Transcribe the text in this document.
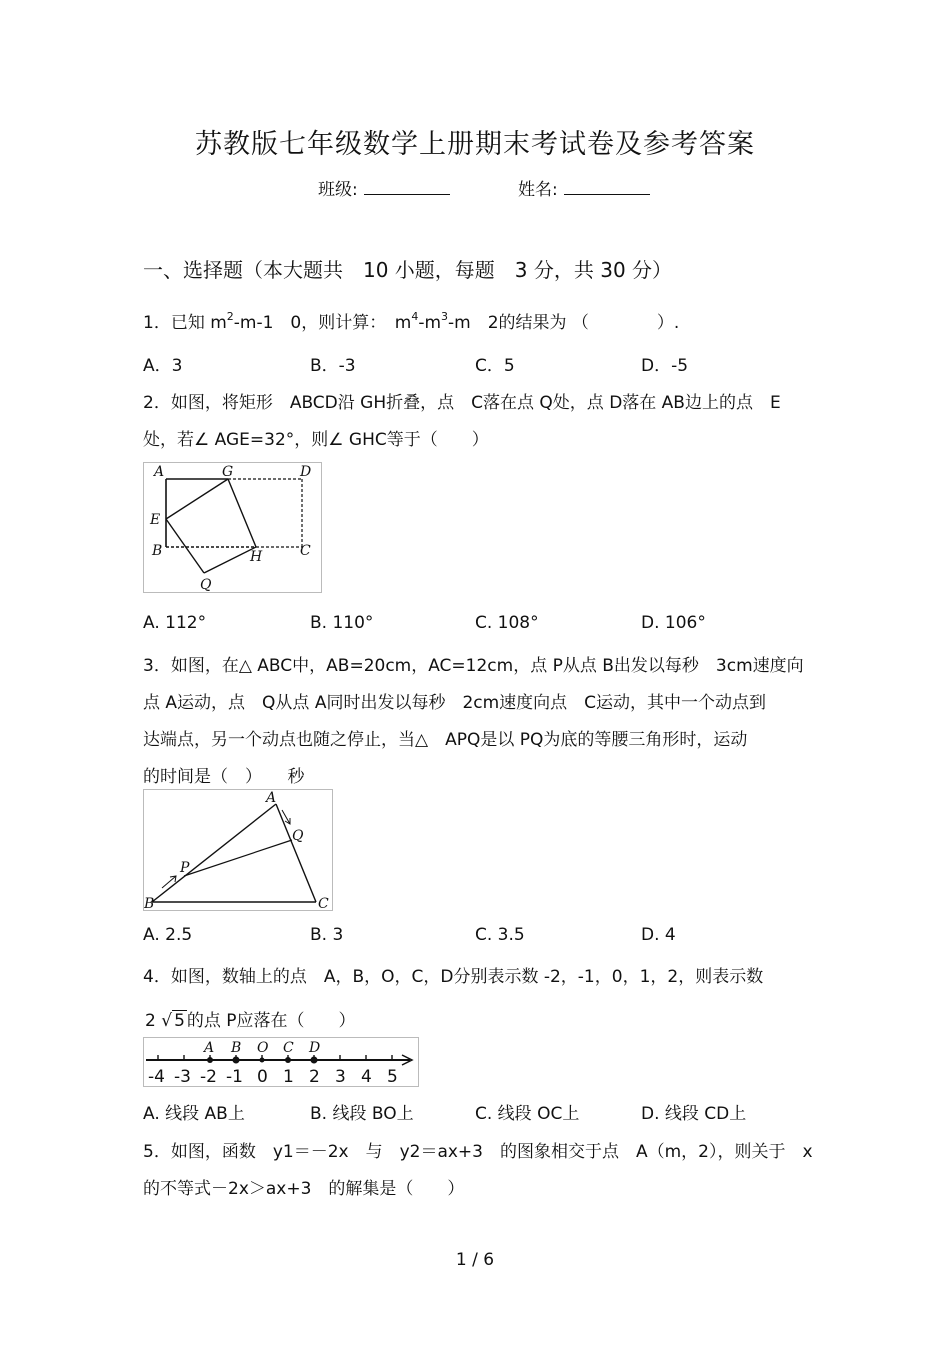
苏教版七年级数学上册期末考试卷及参考答案
班级:	姓名:
一、选择题（本大题共　10 小题，每题　3 分，共 30 分）
1．已知 $m^2-m-1$　0，则计算：　$m^4-m^3-m$　2的结果为 （　　　　）.
A．3	B．-3	C．5	D．-5
2．如图，将矩形　ABCD沿 GH折叠，点　C落在点 Q处，点 D落在 AB边上的点　E
处，若∠ AGE=32°，则∠ GHC等于（　　）
A	G	D
E
B	H	C
Q
A. 112°	B. 110°	C. 108°	D. 106°
3．如图，在△ ABC中，AB=20cm，AC=12cm，点 P从点 B出发以每秒　3cm速度向
点 A运动，点　Q从点 A同时出发以每秒　2cm速度向点　C运动，其中一个动点到
达端点，另一个动点也随之停止，当△　APQ是以 PQ为底的等腰三角形时，运动
的时间是（　）　　秒
A
Q
P
B	C
A. 2.5	B. 3	C. 3.5	D. 4
4．如图，数轴上的点　A，B，O，C，D分别表示数 -2，-1，0，1，2，则表示数
2 √ 5 的点 P应落在（　　）
A B O C D
-4 -3 -2 -1 0 1 2 3 4 5
A. 线段 AB上	B. 线段 BO上	C. 线段 OC上	D. 线段 CD上
5．如图，函数　y1＝－2x　与　y2＝ax+3　的图象相交于点　A（m，2），则关于　x
的不等式－2x＞ax+3　的解集是（　　）
1 / 6
